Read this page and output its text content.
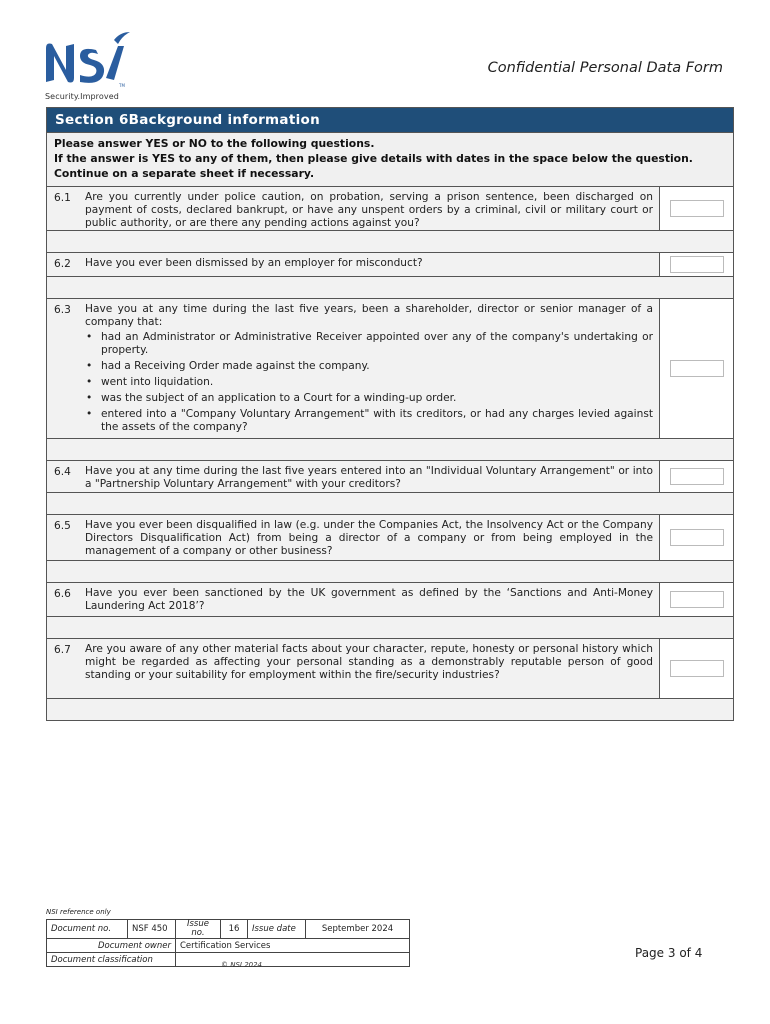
TM
Security.Improved
Confidential Personal Data Form
Section 6Background information

Please answer YES or NO to the following questions.

If the answer is YES to any of them, then please give details with dates in the space below the question.

Continue on a separate sheet if necessary.

6.1	Are you currently under police caution, on probation, serving a prison sentence, been discharged on payment of costs, declared bankrupt, or have any unspent orders by a criminal, civil or military court or public authority, or are there any pending actions against you?
6.2	Have you ever been dismissed by an employer for misconduct?
6.3	Have you at any time during the last five years, been a shareholder, director or senior manager of a company that:
• had an Administrator or Administrative Receiver appointed over any of the company's undertaking or property.
• had a Receiving Order made against the company.
• went into liquidation.
• was the subject of an application to a Court for a winding-up order.
• entered into a "Company Voluntary Arrangement" with its creditors, or had any charges levied against the assets of the company?
6.4	Have you at any time during the last five years entered into an "Individual Voluntary Arrangement" or into a "Partnership Voluntary Arrangement" with your creditors?
6.5	Have you ever been disqualified in law (e.g. under the Companies Act, the Insolvency Act or the Company Directors Disqualification Act) from being a director of a company or from being employed in the management of a company or other business?
6.6	Have you ever been sanctioned by the UK government as defined by the ‘Sanctions and Anti-Money Laundering Act 2018’?
6.7	Are you aware of any other material facts about your character, repute, honesty or personal history which might be regarded as affecting your personal standing as a demonstrably reputable person of good standing or your suitability for employment within the fire/security industries?
NSI reference only
Document no.	NSF 450	Issue no.	16	Issue date	September 2024
Document owner		Certification Services			
Document classification					
© NSI 2024
Page 3 of 4
